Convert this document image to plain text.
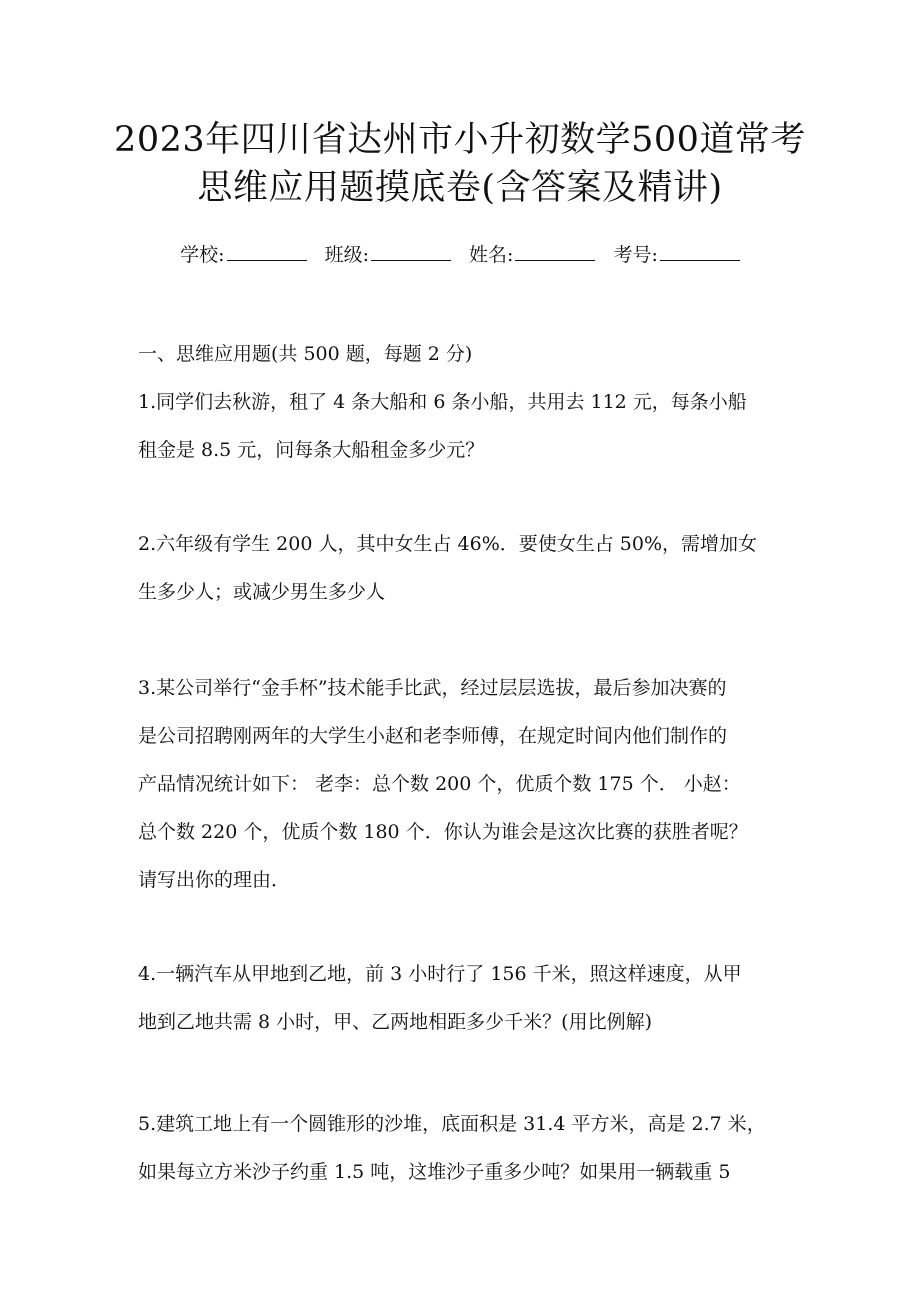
2023年四川省达州市小升初数学500道常考
思维应用题摸底卷(含答案及精讲)
学校:	班级:	姓名:	考号:
一、思维应用题(共 500 题，每题 2 分)
1.同学们去秋游，租了 4 条大船和 6 条小船，共用去 112 元，每条小船
租金是 8.5 元，问每条大船租金多少元？
2.六年级有学生 200 人，其中女生占 46%．要使女生占 50%，需增加女
生多少人；或减少男生多少人
3.某公司举行“金手杯”技术能手比武，经过层层选拔，最后参加决赛的
是公司招聘刚两年的大学生小赵和老李师傅，在规定时间内他们制作的
产品情况统计如下： 老李：总个数 200 个，优质个数 175 个． 小赵：
总个数 220 个，优质个数 180 个．你认为谁会是这次比赛的获胜者呢？
请写出你的理由．
4.一辆汽车从甲地到乙地，前 3 小时行了 156 千米，照这样速度，从甲
地到乙地共需 8 小时，甲、乙两地相距多少千米？(用比例解)
5.建筑工地上有一个圆锥形的沙堆，底面积是 31.4 平方米，高是 2.7 米，
如果每立方米沙子约重 1.5 吨，这堆沙子重多少吨？如果用一辆载重 5
